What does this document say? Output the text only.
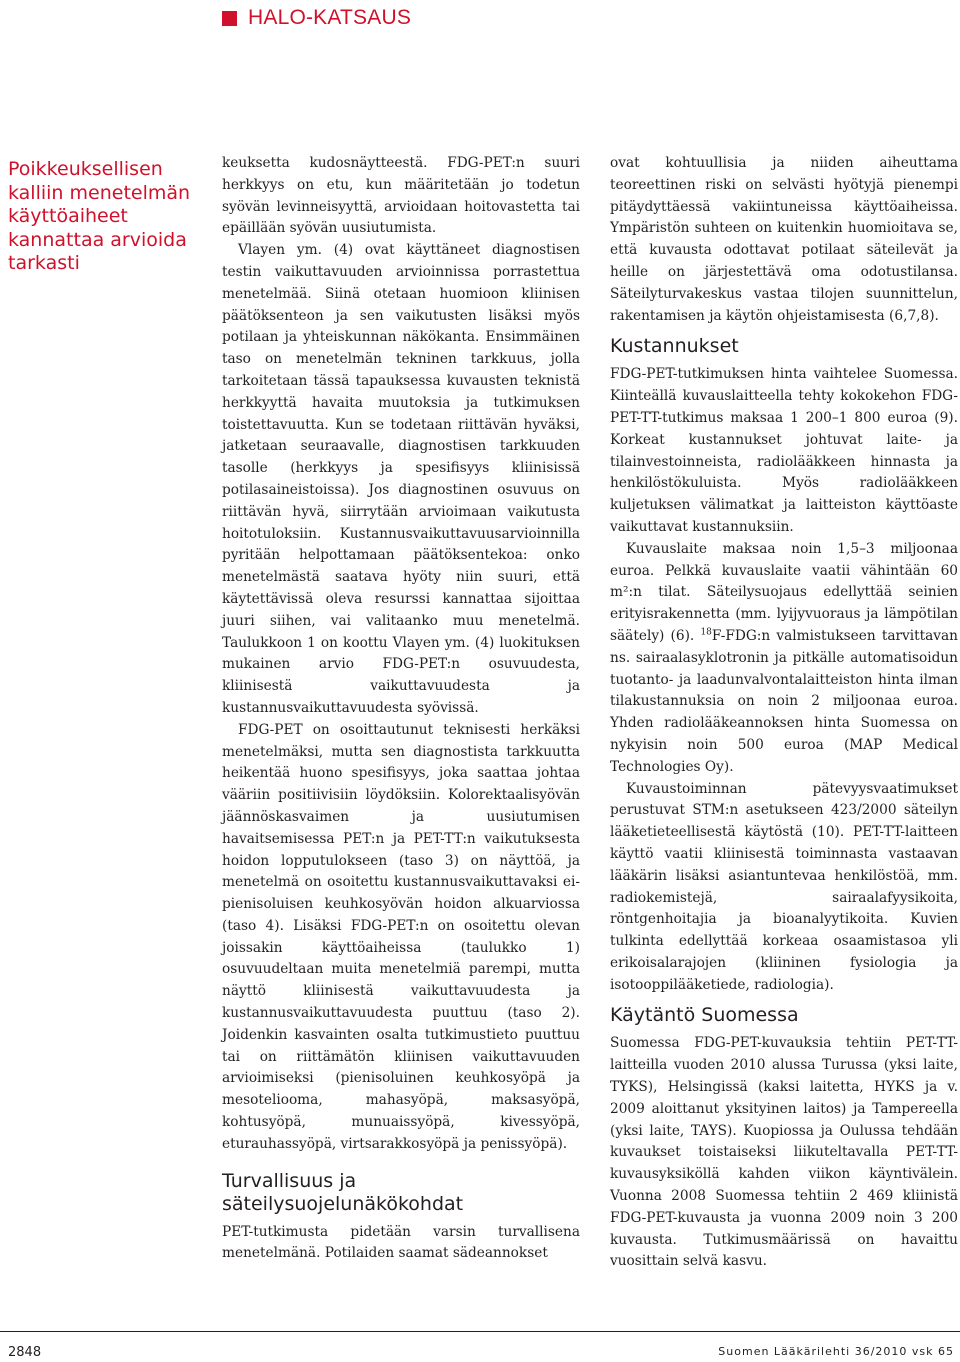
HALO-KATSAUS
Poikkeuksellisen kalliin menetelmän käyttöaiheet kannattaa arvioida tarkasti

keuksetta kudosnäytteestä. FDG-PET:n suuri herkkyys on etu, kun määritetään jo todetun syövän levinneisyyttä, arvioidaan hoitovastetta tai epäillään syövän uusiutumista.

Vlayen ym. (4) ovat käyttäneet diagnostisen testin vaikuttavuuden arvioinnissa porrastettua menetelmää. Siinä otetaan huomioon kliinisen päätöksenteon ja sen vaikutusten lisäksi myös potilaan ja yhteiskunnan näkökanta. Ensimmäinen taso on menetelmän tekninen tarkkuus, jolla tarkoitetaan tässä tapauksessa kuvausten teknistä herkkyyttä havaita muutoksia ja tutkimuksen toistettavuutta. Kun se todetaan riittävän hyväksi, jatketaan seuraavalle, diagnostisen tarkkuuden tasolle (herkkyys ja spesifisyys kliinisissä potilasaineistoissa). Jos diagnostinen osuvuus on riittävän hyvä, siirrytään arvioimaan vaikutusta hoitotuloksiin. Kustannusvaikuttavuusarvioinnilla pyritään helpottamaan päätöksentekoa: onko menetelmästä saatava hyöty niin suuri, että käytettävissä oleva resurssi kannattaa sijoittaa juuri siihen, vai valitaanko muu menetelmä. Taulukkoon 1 on koottu Vlayen ym. (4) luokituksen mukainen arvio FDG-PET:n osuvuudesta, kliinisestä vaikuttavuudesta ja kustannusvaikuttavuudesta syövissä.

FDG-PET on osoittautunut teknisesti herkäksi menetelmäksi, mutta sen diagnostista tarkkuutta heikentää huono spesifisyys, joka saattaa johtaa vääriin positiivisiin löydöksiin. Kolorektaalisyövän jäännöskasvaimen ja uusiutumisen havaitsemisessa PET:n ja PET-TT:n vaikutuksesta hoidon lopputulokseen (taso 3) on näyttöä, ja menetelmä on osoitettu kustannusvaikuttavaksi ei-pienisoluisen keuhkosyövän hoidon alkuarviossa (taso 4). Lisäksi FDG-PET:n on osoitettu olevan joissakin käyttöaiheissa (taulukko 1) osuvuudeltaan muita menetelmiä parempi, mutta näyttö kliinisestä vaikuttavuudesta ja kustannusvaikuttavuudesta puuttuu (taso 2). Joidenkin kasvainten osalta tutkimustieto puuttuu tai on riittämätön kliinisen vaikuttavuuden arvioimiseksi (pienisoluinen keuhkosyöpä ja mesoteliooma, mahasyöpä, maksasyöpä, kohtusyöpä, munuaissyöpä, kivessyöpä, eturauhassyöpä, virtsarakkosyöpä ja penissyöpä).

Turvallisuus ja säteilysuojelunäkökohdat

PET-tutkimusta pidetään varsin turvallisena menetelmänä. Potilaiden saamat sädeannokset

ovat kohtuullisia ja niiden aiheuttama teoreettinen riski on selvästi hyötyjä pienempi pitäydyttäessä vakiintuneissa käyttöaiheissa. Ympäristön suhteen on kuitenkin huomioitava se, että kuvausta odottavat potilaat säteilevät ja heille on järjestettävä oma odotustilansa. Säteilyturvakeskus vastaa tilojen suunnittelun, rakentamisen ja käytön ohjeistamisesta (6,7,8).

Kustannukset

FDG-PET-tutkimuksen hinta vaihtelee Suomessa. Kiinteällä kuvauslaitteella tehty kokokehon FDG-PET-TT-tutkimus maksaa 1 200–1 800 euroa (9). Korkeat kustannukset johtuvat laite- ja tilainvestoinneista, radiolääkkeen hinnasta ja henkilöstökuluista. Myös radiolääkkeen kuljetuksen välimatkat ja laitteiston käyttöaste vaikuttavat kustannuksiin.

Kuvauslaite maksaa noin 1,5–3 miljoonaa euroa. Pelkkä kuvauslaite vaatii vähintään 60 m²:n tilat. Säteilysuojaus edellyttää seinien erityisrakennetta (mm. lyijyvuoraus ja lämpötilan säätely) (6). $^{18}$F-FDG:n valmistukseen tarvittavan ns. sairaalasyklotronin ja pitkälle automatisoidun tuotanto- ja laadunvalvontalaitteiston hinta ilman tilakustannuksia on noin 2 miljoonaa euroa. Yhden radiolääkeannoksen hinta Suomessa on nykyisin noin 500 euroa (MAP Medical Technologies Oy).

Kuvaustoiminnan pätevyysvaatimukset perustuvat STM:n asetukseen 423/2000 säteilyn lääketieteellisestä käytöstä (10). PET-TT-laitteen käyttö vaatii kliinisestä toiminnasta vastaavan lääkärin lisäksi asiantuntevaa henkilöstöä, mm. radiokemistejä, sairaalafyysikoita, röntgenhoitajia ja bioanalyytikoita. Kuvien tulkinta edellyttää korkeaa osaamistasoa yli erikoisalarajojen (kliininen fysiologia ja isotooppilääketiede, radiologia).

Käytäntö Suomessa

Suomessa FDG-PET-kuvauksia tehtiin PET-TT-laitteilla vuoden 2010 alussa Turussa (yksi laite, TYKS), Helsingissä (kaksi laitetta, HYKS ja v. 2009 aloittanut yksityinen laitos) ja Tampereella (yksi laite, TAYS). Kuopiossa ja Oulussa tehdään kuvaukset toistaiseksi liikuteltavalla PET-TT-kuvausyksiköllä kahden viikon käyntivälein. Vuonna 2008 Suomessa tehtiin 2 469 kliinistä FDG-PET-kuvausta ja vuonna 2009 noin 3 200 kuvausta. Tutkimusmäärissä on havaittu vuosittain selvä kasvu.

2848	Suomen Lääkärilehti 36/2010 vsk 65
